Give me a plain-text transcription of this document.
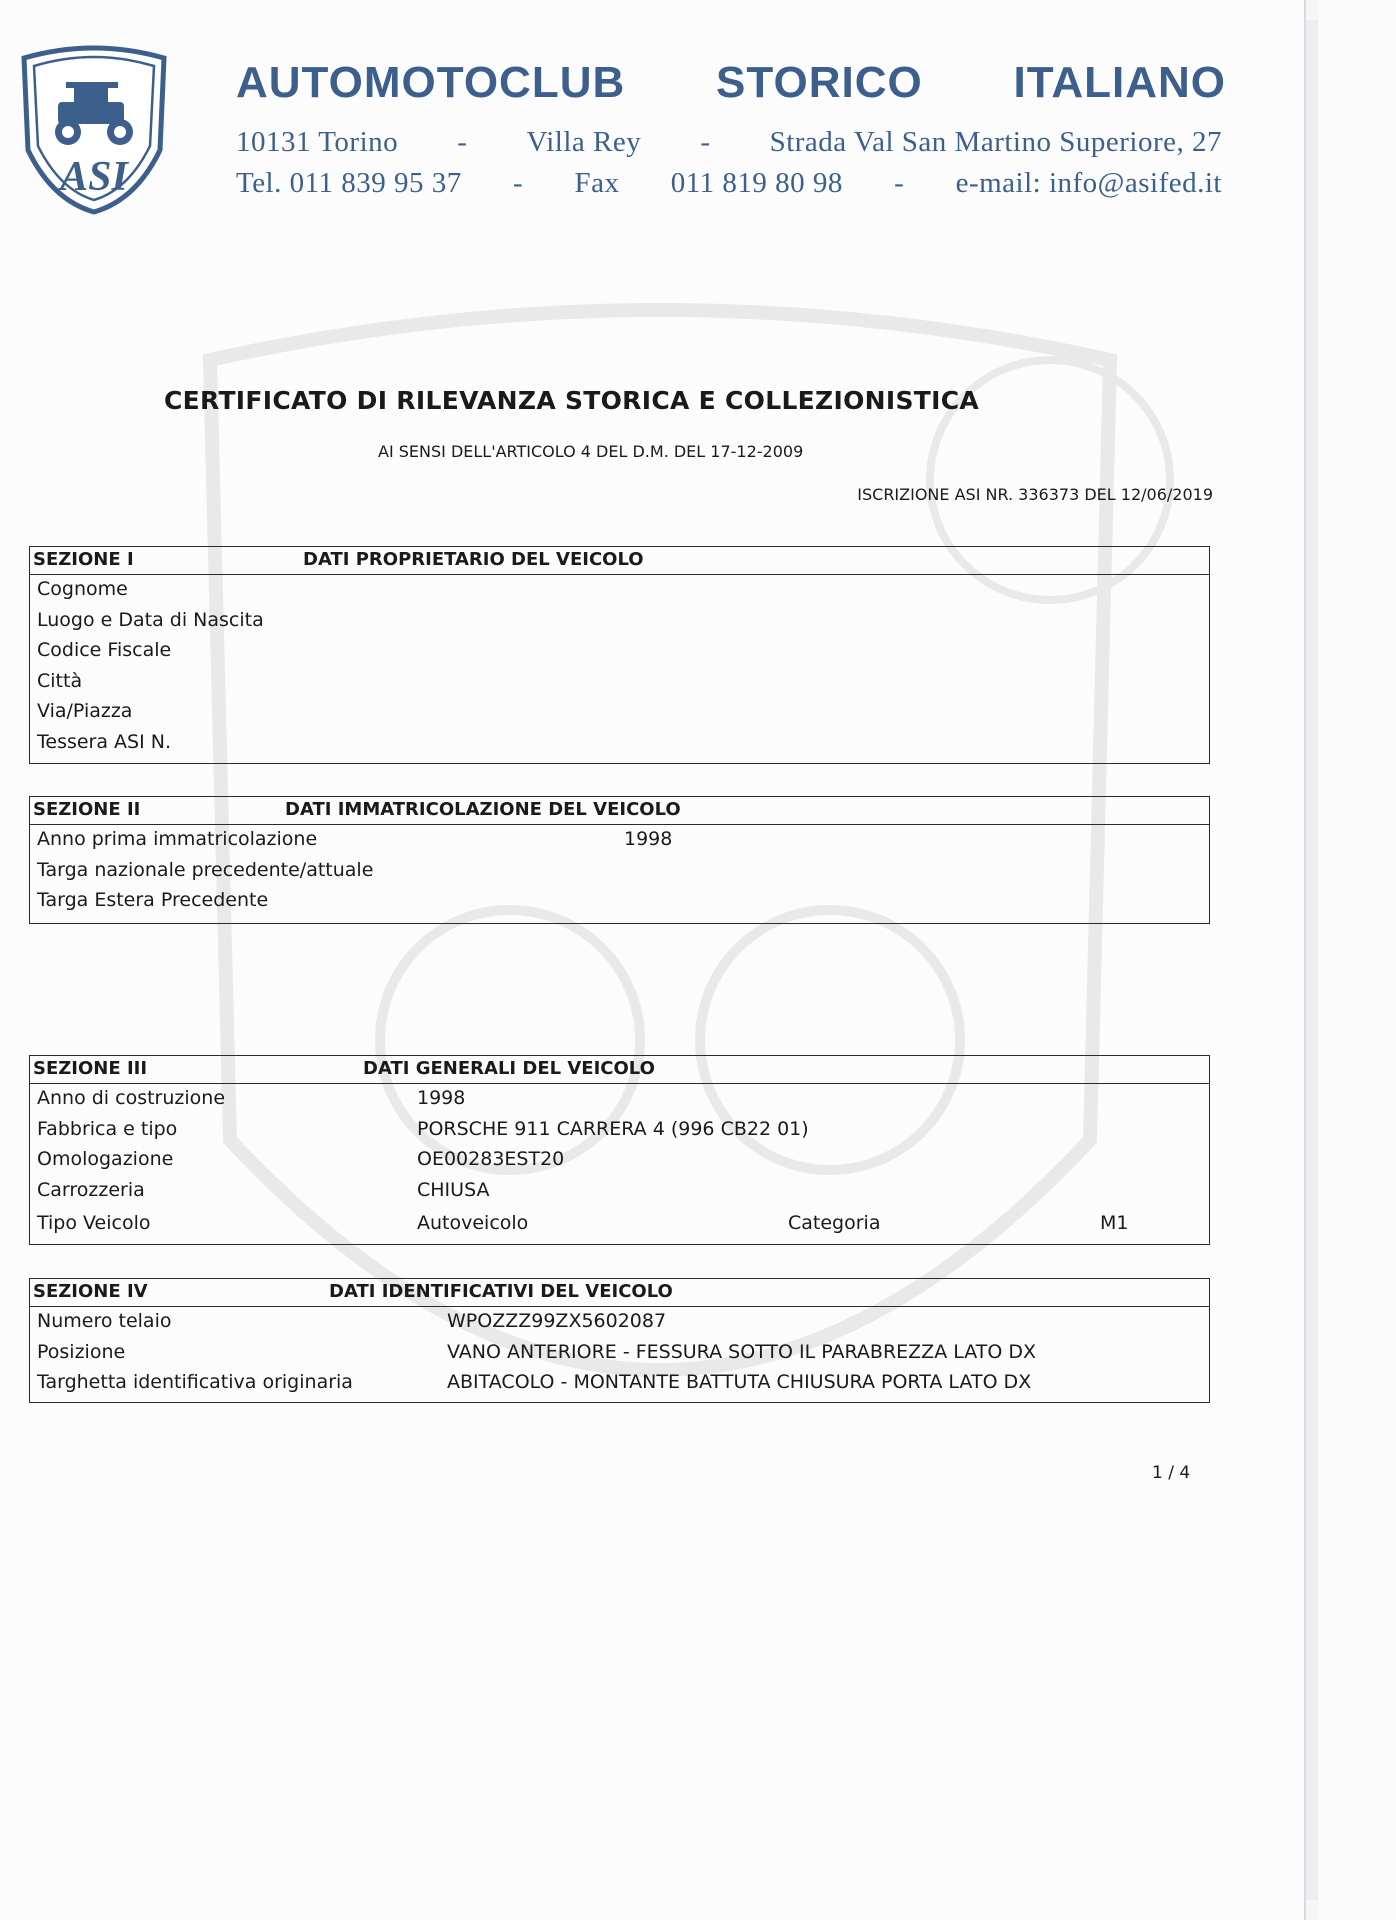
ASI
AUTOMOTOCLUB STORICO ITALIANO
10131 Torino - Villa Rey - Strada Val San Martino Superiore, 27
Tel. 011 839 95 37 - Fax 011 819 80 98 - e-mail: info@asifed.it
CERTIFICATO DI RILEVANZA STORICA E COLLEZIONISTICA
AI SENSI DELL'ARTICOLO 4 DEL D.M. DEL 17-12-2009
ISCRIZIONE ASI NR. 336373 DEL 12/06/2019
SEZIONE I	DATI PROPRIETARIO DEL VEICOLO
Cognome
Luogo e Data di Nascita
Codice Fiscale
Città
Via/Piazza
Tessera ASI N.
SEZIONE II	DATI IMMATRICOLAZIONE DEL VEICOLO
Anno prima immatricolazione	1998
Targa nazionale precedente/attuale
Targa Estera Precedente
SEZIONE III	DATI GENERALI DEL VEICOLO
Anno di costruzione	1998
Fabbrica e tipo	PORSCHE 911 CARRERA 4 (996 CB22 01)
Omologazione	OE00283EST20
Carrozzeria	CHIUSA
Tipo Veicolo	Autoveicolo	Categoria	M1
SEZIONE IV	DATI IDENTIFICATIVI DEL VEICOLO
Numero telaio	WPOZZZ99ZX5602087
Posizione	VANO ANTERIORE - FESSURA SOTTO IL PARABREZZA LATO DX
Targhetta identificativa originaria	ABITACOLO - MONTANTE BATTUTA CHIUSURA PORTA LATO DX
1 / 4
